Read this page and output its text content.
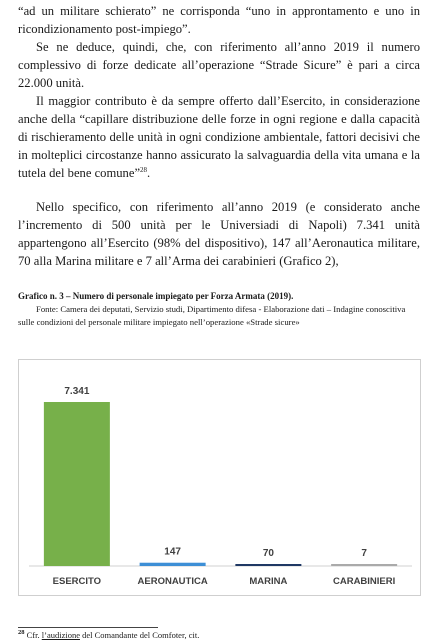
“ad un militare schierato” ne corrisponda “uno in approntamento e uno in ricondizionamento post-impiego”.

Se ne deduce, quindi, che, con riferimento all’anno 2019 il numero complessivo di forze dedicate all’operazione “Strade Sicure” è pari a circa 22.000 unità.

Il maggior contributo è da sempre offerto dall’Esercito, in considerazione anche della “capillare distribuzione delle forze in ogni regione e dalla capacità di rischieramento delle unità in ogni condizione ambientale, fattori decisivi che in molteplici circostanze hanno assicurato la salvaguardia della vita umana e la tutela del bene comune”$^{28}$.

Nello specifico, con riferimento all’anno 2019 (e considerato anche l’incremento di 500 unità per le Universiadi di Napoli) 7.341 unità appartengono all’Esercito (98% del dispositivo), 147 all’Aeronautica militare, 70 alla Marina militare e 7 all’Arma dei carabinieri (Grafico 2),

Grafico n. 3 – Numero di personale impiegato per Forza Armata (2019).

Fonte: Camera dei deputati, Servizio studi, Dipartimento difesa - Elaborazione dati – Indagine conoscitiva sulle condizioni del personale militare impiegato nell’operazione «Strade sicure»

7.341
ESERCITO
147
AERONAUTICA
70
MARINA
7
CARABINIERI

$^{28}$ Cfr. l’audizione del Comandante del Comfoter, cit.
